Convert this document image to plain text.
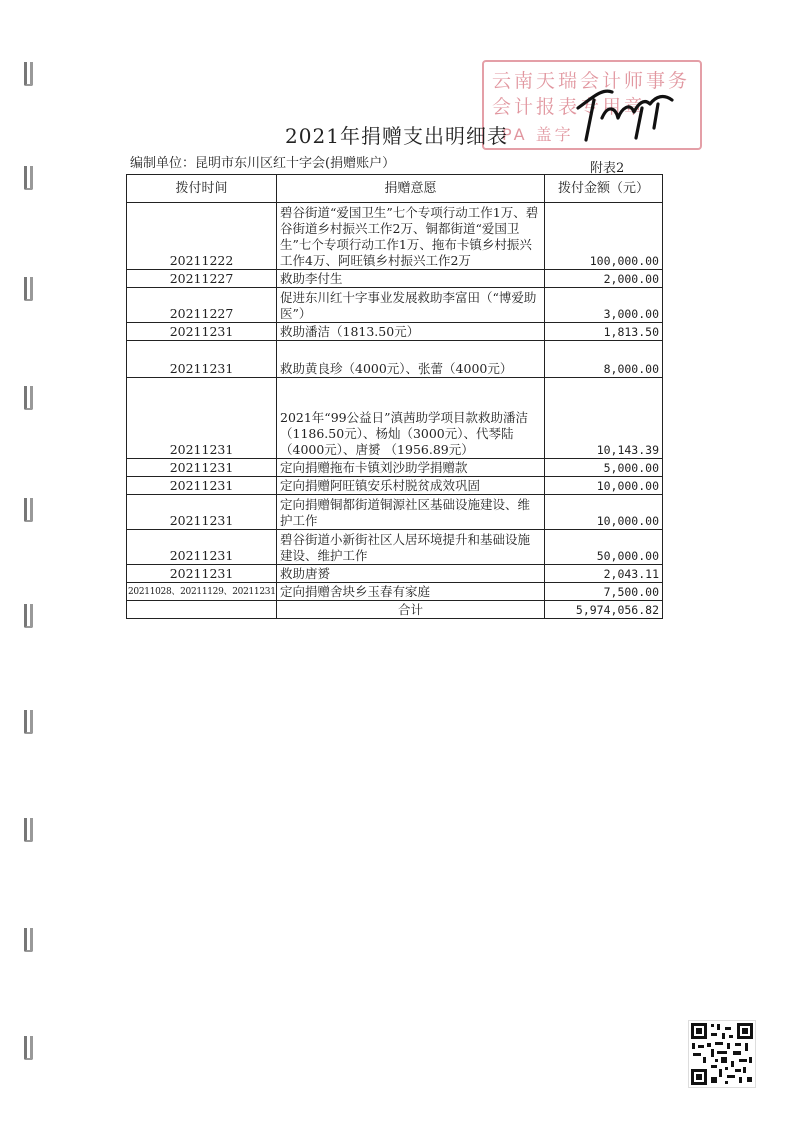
云南天瑞会计师事务
会计报表专用章
PA 盖字
2021年捐赠支出明细表
编制单位：昆明市东川区红十字会(捐赠账户）	附表2
拨付时间	捐赠意愿	拨付金额（元）
20211222	碧谷街道“爱国卫生”七个专项行动工作1万、碧谷街道乡村振兴工作2万、铜都街道“爱国卫生”七个专项行动工作1万、拖布卡镇乡村振兴工作4万、阿旺镇乡村振兴工作2万	100,000.00
20211227	救助李付生	2,000.00
20211227	促进东川红十字事业发展救助李富田（“博爱助医”）	3,000.00
20211231	救助潘洁（1813.50元）	1,813.50
20211231	救助黄良珍（4000元）、张蕾（4000元）	8,000.00
20211231	2021年“99公益日”滇茜助学项目款救助潘洁（1186.50元）、杨灿（3000元）、代琴陆（4000元）、唐赟 （1956.89元）	10,143.39
20211231	定向捐赠拖布卡镇刘沙助学捐赠款	5,000.00
20211231	定向捐赠阿旺镇安乐村脱贫成效巩固	10,000.00
20211231	定向捐赠铜都街道铜源社区基础设施建设、维护工作	10,000.00
20211231	碧谷街道小新街社区人居环境提升和基础设施建设、维护工作	50,000.00
20211231	救助唐赟	2,043.11
20211028、20211129、20211231	定向捐赠舍块乡玉春有家庭	7,500.00
	合计	5,974,056.82
